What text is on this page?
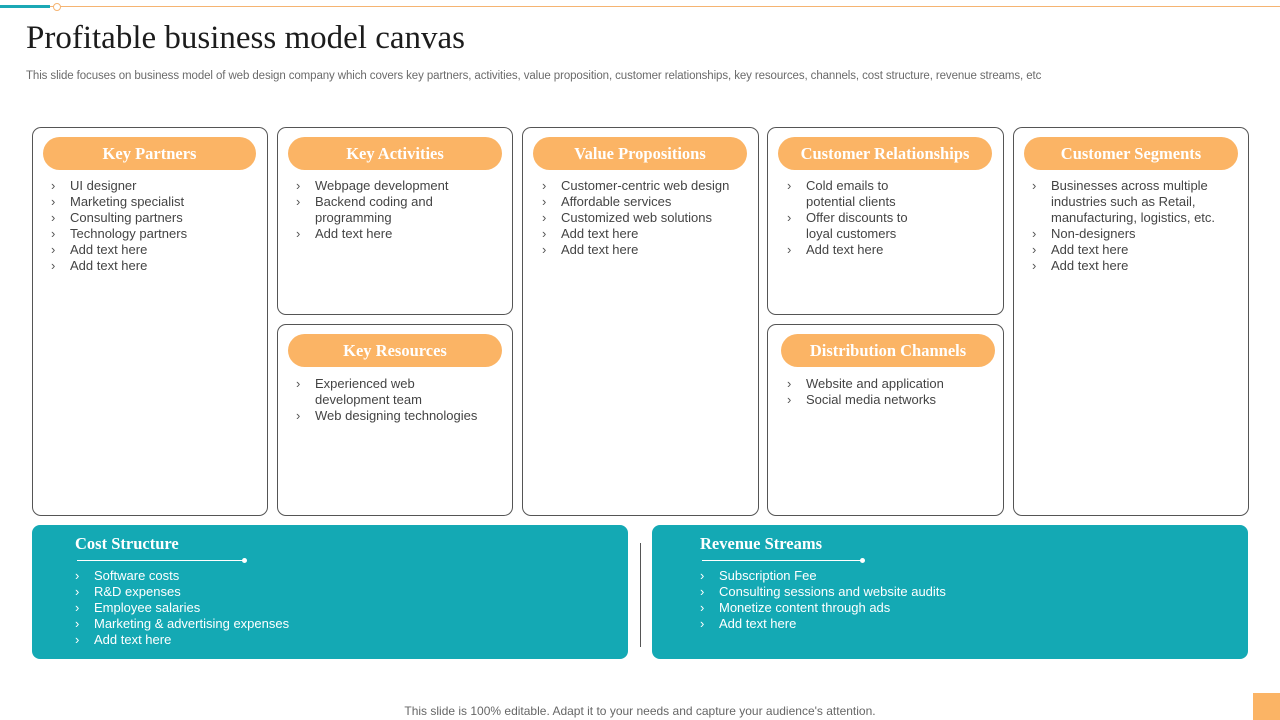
Profitable business model canvas

This slide focuses on business model of web design company which covers key partners, activities, value proposition, customer relationships, key resources, channels, cost structure, revenue streams, etc

Key Partners
› UI designer
› Marketing specialist
› Consulting partners
› Technology partners
› Add text here
› Add text here
Key Activities
› Webpage development
› Backend coding and
programming
› Add text here
Key Resources
› Experienced web
development team
› Web designing technologies
Value Propositions
› Customer-centric web design
› Affordable services
› Customized web solutions
› Add text here
› Add text here
Customer Relationships
› Cold emails to
potential clients
› Offer discounts to
loyal customers
› Add text here
Distribution Channels
› Website and application
› Social media networks
Customer Segments
› Businesses across multiple
industries such as Retail,
manufacturing, logistics, etc.
› Non-designers
› Add text here
› Add text here
Cost Structure
› Software costs
› R&D expenses
› Employee salaries
› Marketing & advertising expenses
› Add text here
Revenue Streams
› Subscription Fee
› Consulting sessions and website audits
› Monetize content through ads
› Add text here
This slide is 100% editable. Adapt it to your needs and capture your audience's attention.
